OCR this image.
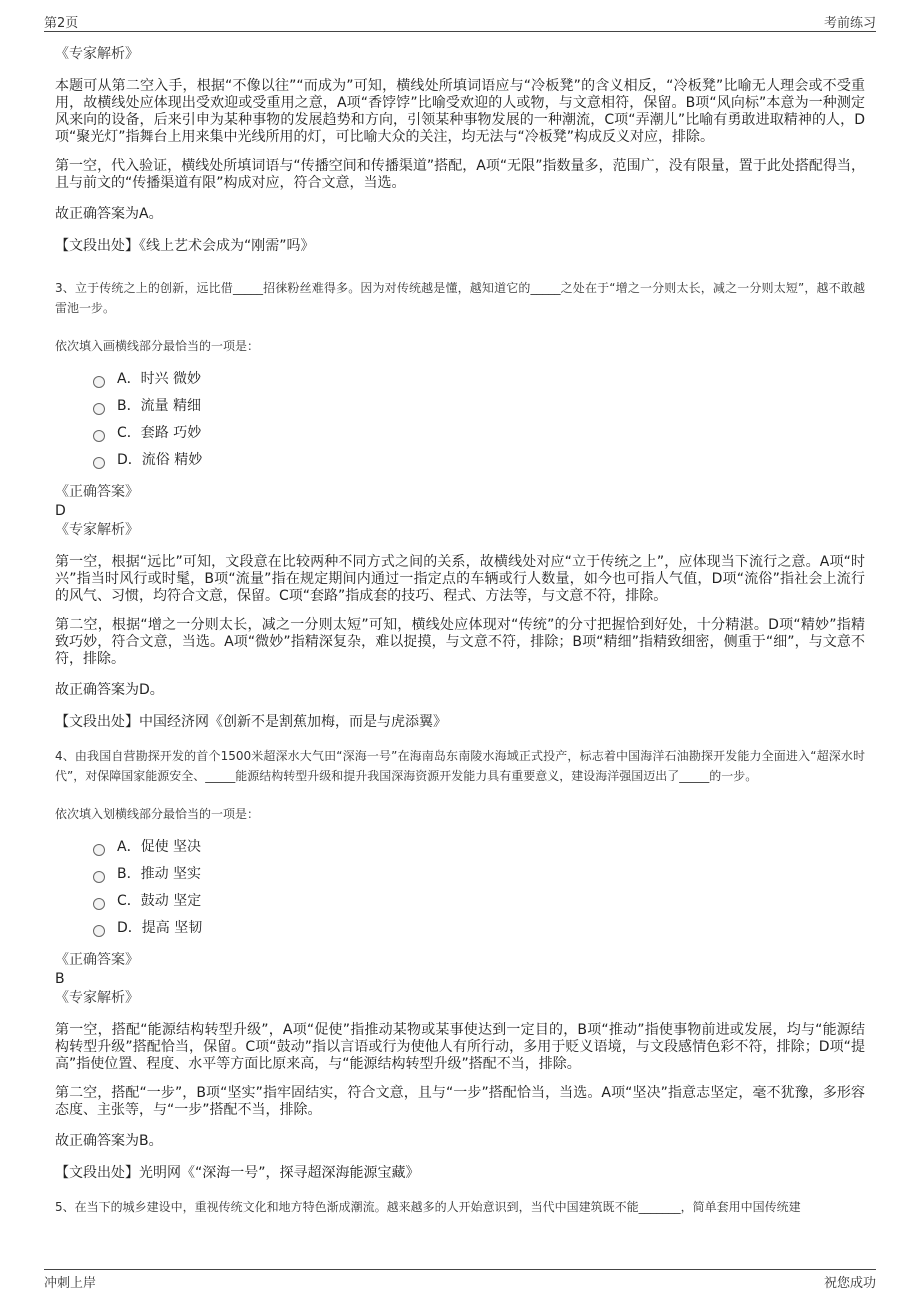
第2页	考前练习
《专家解析》

本题可从第二空入手，根据“不像以往”“而成为”可知，横线处所填词语应与“冷板凳”的含义相反，“冷板凳”比喻无人理会或不受重用，故横线处应体现出受欢迎或受重用之意，A项“香饽饽”比喻受欢迎的人或物，与文意相符，保留。B项“风向标”本意为一种测定风来向的设备，后来引申为某种事物的发展趋势和方向，引领某种事物发展的一种潮流，C项“弄潮儿”比喻有勇敢进取精神的人，D项“聚光灯”指舞台上用来集中光线所用的灯，可比喻大众的关注，均无法与“冷板凳”构成反义对应，排除。

第一空，代入验证，横线处所填词语与“传播空间和传播渠道”搭配，A项“无限”指数量多，范围广，没有限量，置于此处搭配得当，且与前文的“传播渠道有限”构成对应，符合文意，当选。

故正确答案为A。
【文段出处】《线上艺术会成为“刚需”吗》
3、立于传统之上的创新，远比借_____招徕粉丝难得多。因为对传统越是懂，越知道它的_____之处在于“增之一分则太长，减之一分则太短”，越不敢越雷池一步。
依次填入画横线部分最恰当的一项是：
A．时兴 微妙
B．流量 精细
C．套路 巧妙
D．流俗 精妙
《正确答案》
D
《专家解析》

第一空，根据“远比”可知，文段意在比较两种不同方式之间的关系，故横线处对应“立于传统之上”，应体现当下流行之意。A项“时兴”指当时风行或时髦，B项“流量”指在规定期间内通过一指定点的车辆或行人数量，如今也可指人气值，D项“流俗”指社会上流行的风气、习惯，均符合文意，保留。C项“套路”指成套的技巧、程式、方法等，与文意不符，排除。

第二空，根据“增之一分则太长，减之一分则太短”可知，横线处应体现对“传统”的分寸把握恰到好处，十分精湛。D项“精妙”指精致巧妙，符合文意，当选。A项“微妙”指精深复杂，难以捉摸，与文意不符，排除；B项“精细”指精致细密，侧重于“细”，与文意不符，排除。

故正确答案为D。
【文段出处】中国经济网《创新不是割蕉加梅，而是与虎添翼》
4、由我国自营勘探开发的首个1500米超深水大气田“深海一号”在海南岛东南陵水海域正式投产，标志着中国海洋石油勘探开发能力全面进入“超深水时代”，对保障国家能源安全、_____能源结构转型升级和提升我国深海资源开发能力具有重要意义，建设海洋强国迈出了_____的一步。
依次填入划横线部分最恰当的一项是：
A．促使 坚决
B．推动 坚实
C．鼓动 坚定
D．提高 坚韧
《正确答案》
B
《专家解析》

第一空，搭配“能源结构转型升级”，A项“促使”指推动某物或某事使达到一定目的，B项“推动”指使事物前进或发展，均与“能源结构转型升级”搭配恰当，保留。C项“鼓动”指以言语或行为使他人有所行动，多用于贬义语境，与文段感情色彩不符，排除；D项“提高”指使位置、程度、水平等方面比原来高，与“能源结构转型升级”搭配不当，排除。

第二空，搭配“一步”，B项“坚实”指牢固结实，符合文意，且与“一步”搭配恰当，当选。A项“坚决”指意志坚定，毫不犹豫，多形容态度、主张等，与“一步”搭配不当，排除。

故正确答案为B。
【文段出处】光明网《“深海一号”，探寻超深海能源宝藏》
5、在当下的城乡建设中，重视传统文化和地方特色渐成潮流。越来越多的人开始意识到，当代中国建筑既不能_______，简单套用中国传统建
冲刺上岸	祝您成功
